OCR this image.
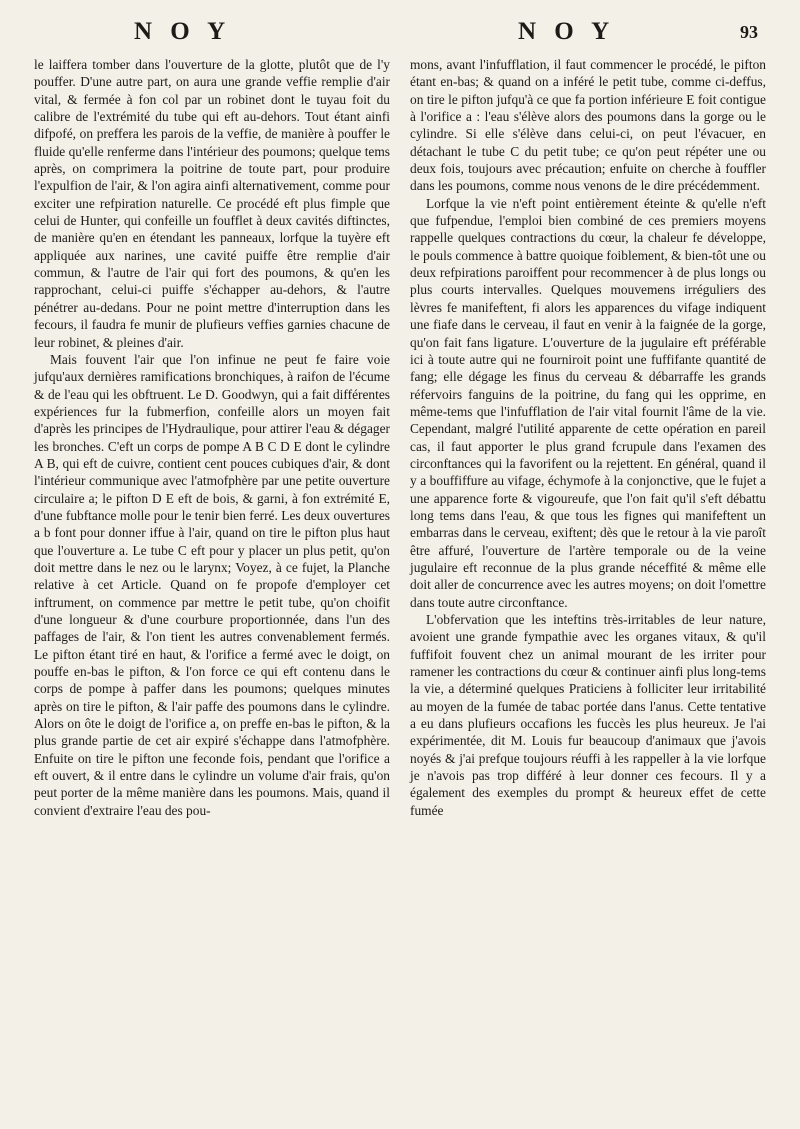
N O Y	N O Y	93

le laiffera tomber dans l'ouverture de la glotte, plutôt que de l'y pouffer. D'une autre part, on aura une grande veffie remplie d'air vital, & fermée à fon col par un robinet dont le tuyau foit du calibre de l'extrémité du tube qui eft au-dehors. Tout étant ainfi difpofé, on preffera les parois de la veffie, de manière à pouffer le fluide qu'elle renferme dans l'intérieur des poumons; quelque tems après, on comprimera la poitrine de toute part, pour produire l'expulfion de l'air, & l'on agira ainfi alternativement, comme pour exciter une refpiration naturelle. Ce procédé eft plus fimple que celui de Hunter, qui confeille un foufflet à deux cavités diftinctes, de manière qu'en en étendant les panneaux, lorfque la tuyère eft appliquée aux narines, une cavité puiffe être remplie d'air commun, & l'autre de l'air qui fort des poumons, & qu'en les rapprochant, celui-ci puiffe s'échapper au-dehors, & l'autre pénétrer au-dedans. Pour ne point mettre d'interruption dans les fecours, il faudra fe munir de plufieurs veffies garnies chacune de leur robinet, & pleines d'air.

Mais fouvent l'air que l'on infinue ne peut fe faire voie jufqu'aux dernières ramifications bronchiques, à raifon de l'écume & de l'eau qui les obftruent. Le D. Goodwyn, qui a fait différentes expériences fur la fubmerfion, confeille alors un moyen fait d'après les principes de l'Hydraulique, pour attirer l'eau & dégager les bronches. C'eft un corps de pompe A B C D E dont le cylindre A B, qui eft de cuivre, contient cent pouces cubiques d'air, & dont l'intérieur communique avec l'atmofphère par une petite ouverture circulaire a; le pifton D E eft de bois, & garni, à fon extrémité E, d'une fubftance molle pour le tenir bien ferré. Les deux ouvertures a b font pour donner iffue à l'air, quand on tire le pifton plus haut que l'ouverture a. Le tube C eft pour y placer un plus petit, qu'on doit mettre dans le nez ou le larynx; Voyez, à ce fujet, la Planche relative à cet Article. Quand on fe propofe d'employer cet inftrument, on commence par mettre le petit tube, qu'on choifit d'une longueur & d'une courbure proportionnée, dans l'un des paffages de l'air, & l'on tient les autres convenablement fermés. Le pifton étant tiré en haut, & l'orifice a fermé avec le doigt, on pouffe en-bas le pifton, & l'on force ce qui eft contenu dans le corps de pompe à paffer dans les poumons; quelques minutes après on tire le pifton, & l'air paffe des poumons dans le cylindre. Alors on ôte le doigt de l'orifice a, on preffe en-bas le pifton, & la plus grande partie de cet air expiré s'échappe dans l'atmofphère. Enfuite on tire le pifton une feconde fois, pendant que l'orifice a eft ouvert, & il entre dans le cylindre un volume d'air frais, qu'on peut porter de la même manière dans les poumons. Mais, quand il convient d'extraire l'eau des pou-

mons, avant l'infufflation, il faut commencer le procédé, le pifton étant en-bas; & quand on a inféré le petit tube, comme ci-deffus, on tire le pifton jufqu'à ce que fa portion inférieure E foit contigue à l'orifice a : l'eau s'élève alors des poumons dans la gorge ou le cylindre. Si elle s'élève dans celui-ci, on peut l'évacuer, en détachant le tube C du petit tube; ce qu'on peut répéter une ou deux fois, toujours avec précaution; enfuite on cherche à fouffler dans les poumons, comme nous venons de le dire précédemment.

Lorfque la vie n'eft point entièrement éteinte & qu'elle n'eft que fufpendue, l'emploi bien combiné de ces premiers moyens rappelle quelques contractions du cœur, la chaleur fe développe, le pouls commence à battre quoique foiblement, & bien-tôt une ou deux refpirations paroiffent pour recommencer à de plus longs ou plus courts intervalles. Quelques mouvemens irréguliers des lèvres fe manifeftent, fi alors les apparences du vifage indiquent une fiafe dans le cerveau, il faut en venir à la faignée de la gorge, qu'on fait fans ligature. L'ouverture de la jugulaire eft préférable ici à toute autre qui ne fourniroit point une fuffifante quantité de fang; elle dégage les finus du cerveau & débarraffe les grands réfervoirs fanguins de la poitrine, du fang qui les opprime, en même-tems que l'infufflation de l'air vital fournit l'âme de la vie. Cependant, malgré l'utilité apparente de cette opération en pareil cas, il faut apporter le plus grand fcrupule dans l'examen des circonftances qui la favorifent ou la rejettent. En général, quand il y a bouffiffure au vifage, échymofe à la conjonctive, que le fujet a une apparence forte & vigoureufe, que l'on fait qu'il s'eft débattu long tems dans l'eau, & que tous les fignes qui manifeftent un embarras dans le cerveau, exiftent; dès que le retour à la vie paroît être affuré, l'ouverture de l'artère temporale ou de la veine jugulaire eft reconnue de la plus grande néceffité & même elle doit aller de concurrence avec les autres moyens; on doit l'omettre dans toute autre circonftance.

L'obfervation que les inteftins très-irritables de leur nature, avoient une grande fympathie avec les organes vitaux, & qu'il fuffifoit fouvent chez un animal mourant de les irriter pour ramener les contractions du cœur & continuer ainfi plus long-tems la vie, a déterminé quelques Praticiens à folliciter leur irritabilité au moyen de la fumée de tabac portée dans l'anus. Cette tentative a eu dans plufieurs occafions les fuccès les plus heureux. Je l'ai expérimentée, dit M. Louis fur beaucoup d'animaux que j'avois noyés & j'ai prefque toujours réuffi à les rappeller à la vie lorfque je n'avois pas trop différé à leur donner ces fecours. Il y a également des exemples du prompt & heureux effet de cette fumée
